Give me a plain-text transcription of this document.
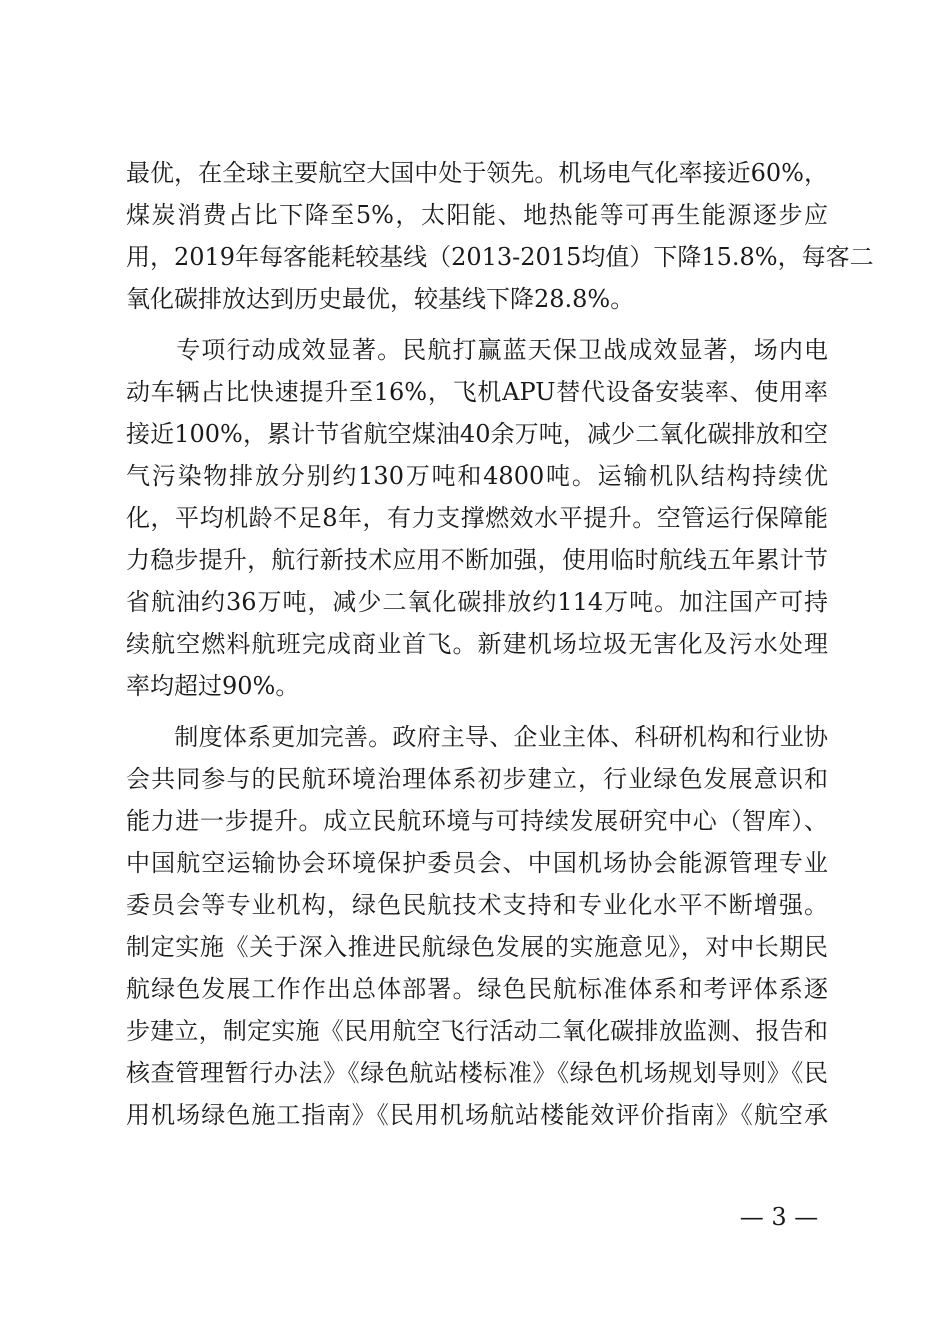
最优，在全球主要航空大国中处于领先。机场电气化率接近60%，
煤炭消费占比下降至5%，太阳能、地热能等可再生能源逐步应
用，2019年每客能耗较基线（2013-2015均值）下降15.8%，每客二
氧化碳排放达到历史最优，较基线下降28.8%。
　　专项行动成效显著。民航打赢蓝天保卫战成效显著，场内电
动车辆占比快速提升至16%，飞机APU替代设备安装率、使用率
接近100%，累计节省航空煤油40余万吨，减少二氧化碳排放和空
气污染物排放分别约130万吨和4800吨。运输机队结构持续优
化，平均机龄不足8年，有力支撑燃效水平提升。空管运行保障能
力稳步提升，航行新技术应用不断加强，使用临时航线五年累计节
省航油约36万吨，减少二氧化碳排放约114万吨。加注国产可持
续航空燃料航班完成商业首飞。新建机场垃圾无害化及污水处理
率均超过90%。
　　制度体系更加完善。政府主导、企业主体、科研机构和行业协
会共同参与的民航环境治理体系初步建立，行业绿色发展意识和
能力进一步提升。成立民航环境与可持续发展研究中心（智库）、
中国航空运输协会环境保护委员会、中国机场协会能源管理专业
委员会等专业机构，绿色民航技术支持和专业化水平不断增强。
制定实施《关于深入推进民航绿色发展的实施意见》，对中长期民
航绿色发展工作作出总体部署。绿色民航标准体系和考评体系逐
步建立，制定实施《民用航空飞行活动二氧化碳排放监测、报告和
核查管理暂行办法》《绿色航站楼标准》《绿色机场规划导则》《民
用机场绿色施工指南》《民用机场航站楼能效评价指南》《航空承
— 3 —
